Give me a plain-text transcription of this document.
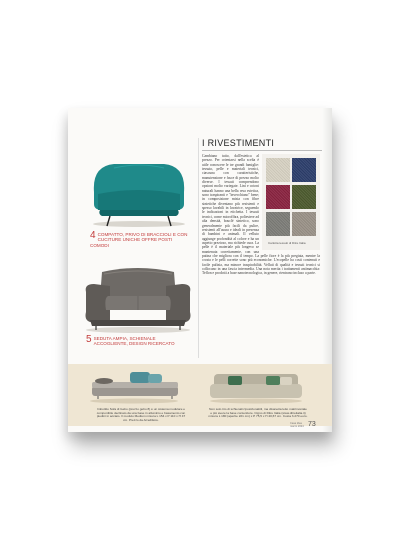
4 COMPATTO, PRIVO DI BRACCIOLI E CON CUCITURE UNICHE OFFRE POSTI COMODI
5 SEDUTA AMPIA, SCHIENALE ACCOGLIENTE, DESIGN RICERCATO
I RIVESTIMENTI
Carlotta tessuti di Ditre Italia
Cambiano tutto, dall'estetica al prezzo. Per orientarsi nella scelta è utile conoscere le tre grandi famiglie: tessuto, pelle e materiali tecnici, ciascuna con caratteristiche, manutenzione e fasce di prezzo molto diverse. I tessuti comprendono opzioni molto variegate. Lini e cotoni naturali hanno una bella resa estetica, sono traspiranti e "invecchiano" bene; in composizione mista con fibre sintetiche diventano più resistenti e spesso lavabili in lavatrice, seguendo le indicazioni in etichetta. I tessuti tecnici, come microfibra, poliestere ad alta densità, bouclé sintetico, sono generalmente più facili da pulire, resistenti all'usura e ideali in presenza di bambini e animali. Il velluto aggiunge profondità al colore e ha un aspetto prezioso, ma richiede cura. La pelle è il materiale più longevo se mantenuta correttamente, con una patina che migliora con il tempo. La pelle fiore è la più pregiata, mentre la crosta e le pelli corrette sono più economiche. L'ecopelle ha costi contenuti e facile pulizia, ma minore traspirabilità. Velluti di qualità e tessuti tecnici si collocano in una fascia intermedia. Una nota merita i trattamenti antimacchia: Teflon e prodotti a base nanotecnologica, in genere, rientrano incluso a parte.
Imbottito Sofa di Gebo (prezzo gebo 8) è un sistema modulare e componibile declinato da una base in alluminio e basamento con piedini in acciaio. Il modulo Medium misura L 154 x P 110 x H 47 cm. Prezzo da Arredittore.
Non solo trio di schienali riposizionabili, ma divanetta letto matrimoniale e più avere la base contenitore. Cigno di Ditre Italia (www.ditreitalia.it) misura L 180 (apertte 221 cm) x P 75,5 x H 40,67 cm. Costa 3.270 euro.
Casa Idea
marzo 2024 73
